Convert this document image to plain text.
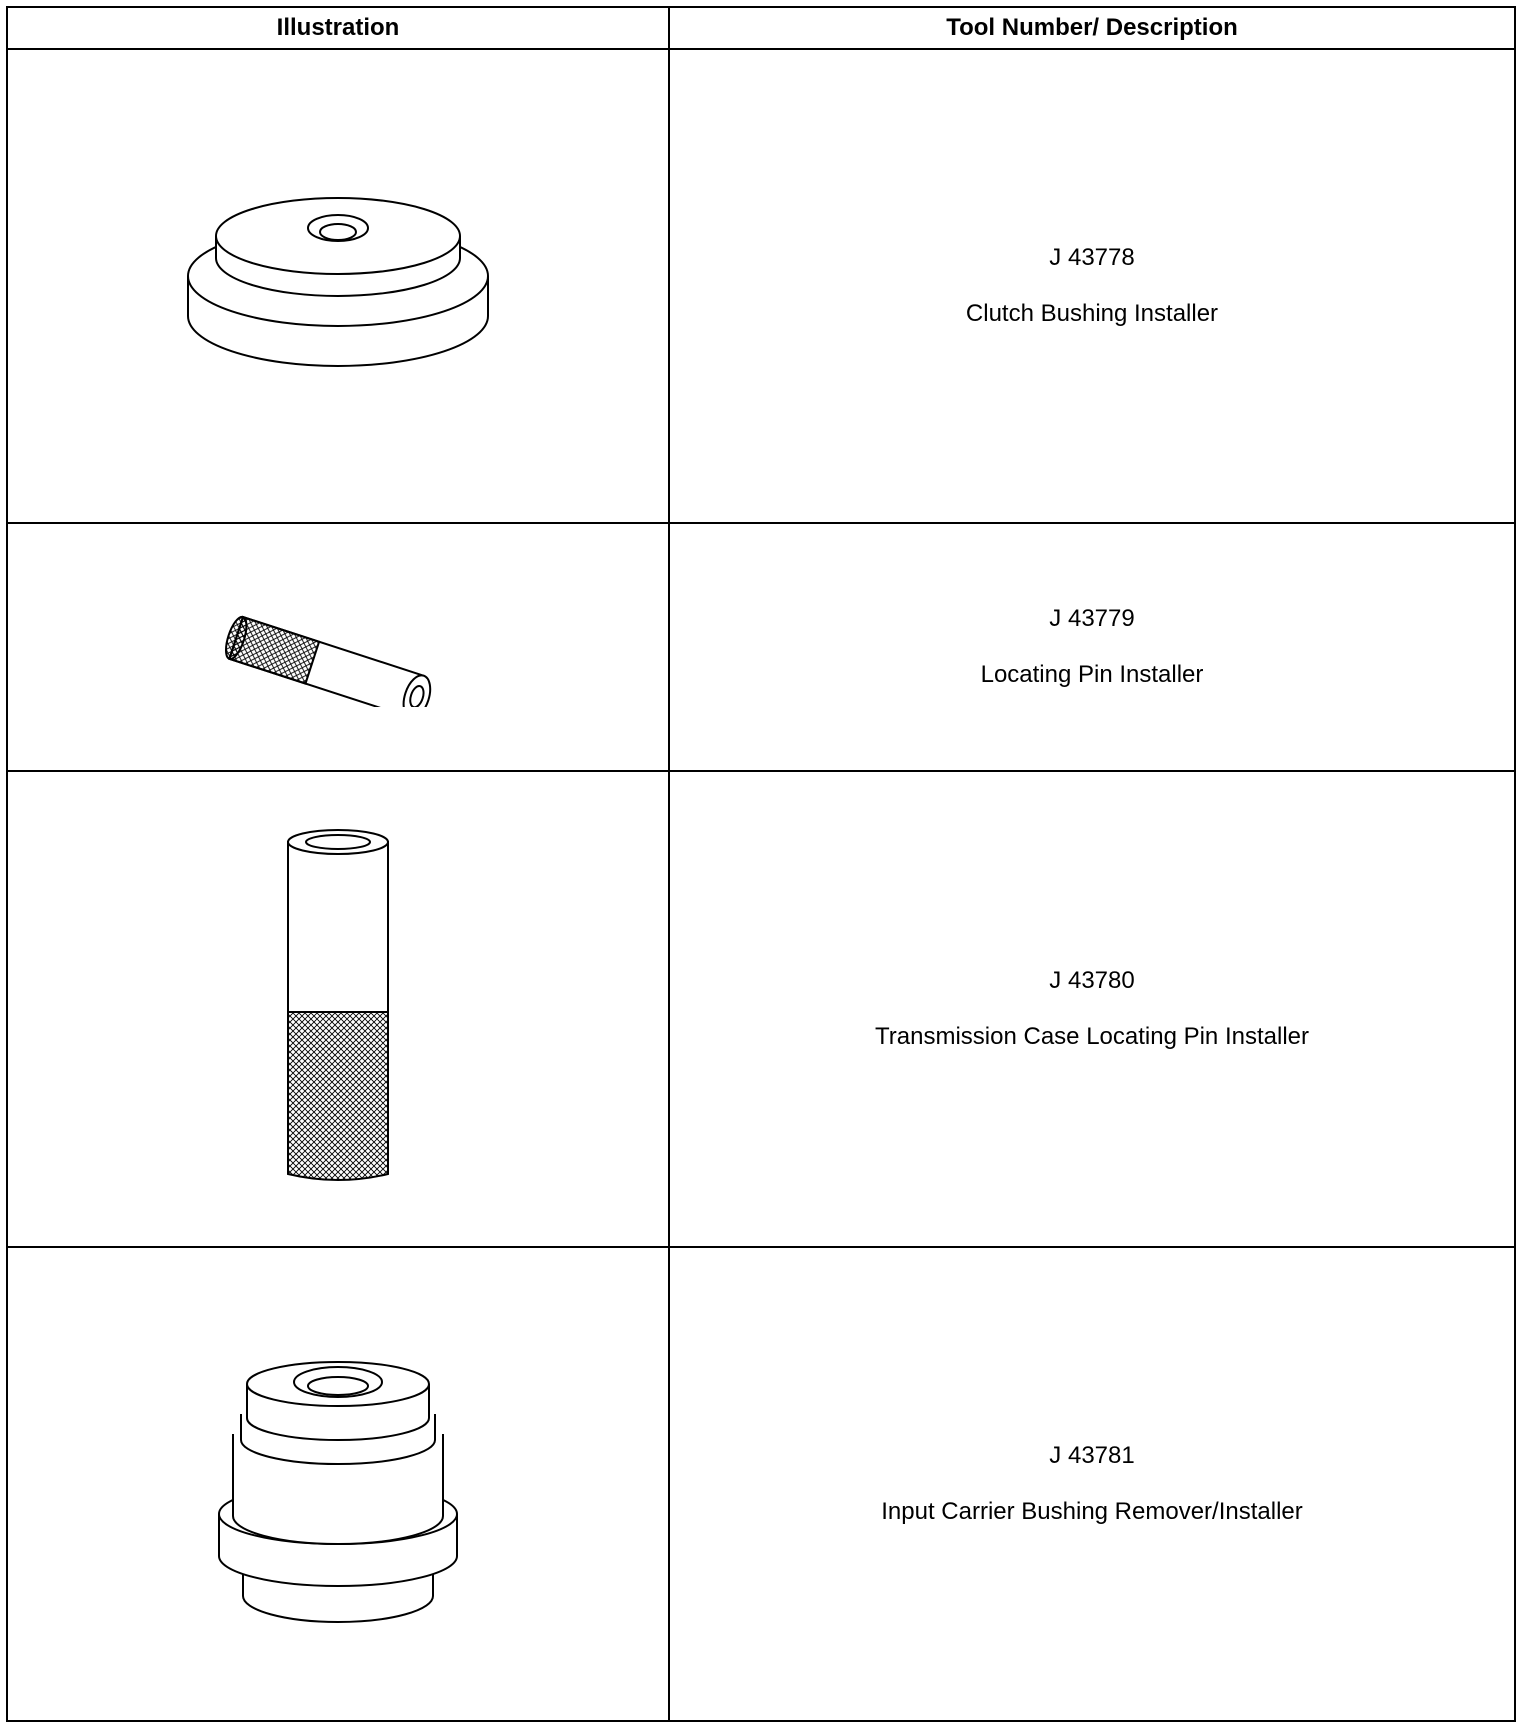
Illustration	Tool Number/ Description

J 43778
Clutch Bushing Installer

J 43779
Locating Pin Installer

J 43780
Transmission Case Locating Pin Installer

J 43781
Input Carrier Bushing Remover/Installer
